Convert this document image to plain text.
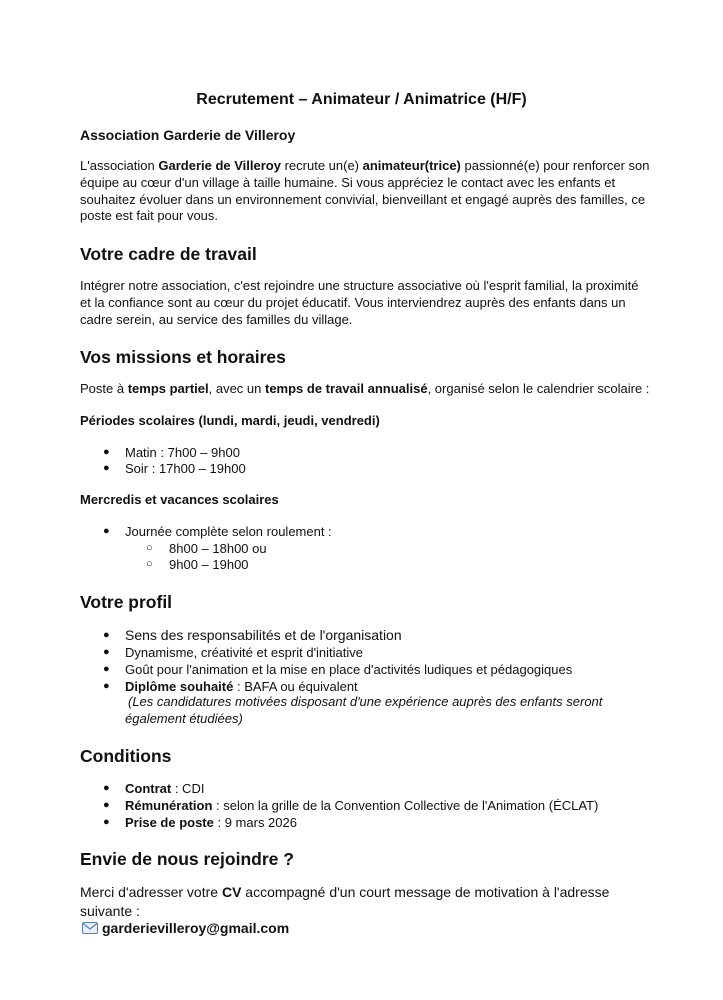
Recrutement – Animateur / Animatrice (H/F)
Association Garderie de Villeroy
L'association Garderie de Villeroy recrute un(e) animateur(trice) passionné(e) pour renforcer son équipe au cœur d'un village à taille humaine. Si vous appréciez le contact avec les enfants et souhaitez évoluer dans un environnement convivial, bienveillant et engagé auprès des familles, ce poste est fait pour vous.
Votre cadre de travail
Intégrer notre association, c'est rejoindre une structure associative où l'esprit familial, la proximité et la confiance sont au cœur du projet éducatif. Vous interviendrez auprès des enfants dans un cadre serein, au service des familles du village.
Vos missions et horaires
Poste à temps partiel, avec un temps de travail annualisé, organisé selon le calendrier scolaire :
Périodes scolaires (lundi, mardi, jeudi, vendredi)
● Matin : 7h00 – 9h00
● Soir : 17h00 – 19h00
Mercredis et vacances scolaires
● Journée complète selon roulement :
○ 8h00 – 18h00 ou
○ 9h00 – 19h00
Votre profil
● Sens des responsabilités et de l'organisation
● Dynamisme, créativité et esprit d'initiative
● Goût pour l'animation et la mise en place d'activités ludiques et pédagogiques
● Diplôme souhaité : BAFA ou équivalent
(Les candidatures motivées disposant d'une expérience auprès des enfants seront également étudiées)
Conditions
● Contrat : CDI
● Rémunération : selon la grille de la Convention Collective de l'Animation (ÉCLAT)
● Prise de poste : 9 mars 2026
Envie de nous rejoindre ?
Merci d'adresser votre CV accompagné d'un court message de motivation à l'adresse suivante :
garderievilleroy@gmail.com
